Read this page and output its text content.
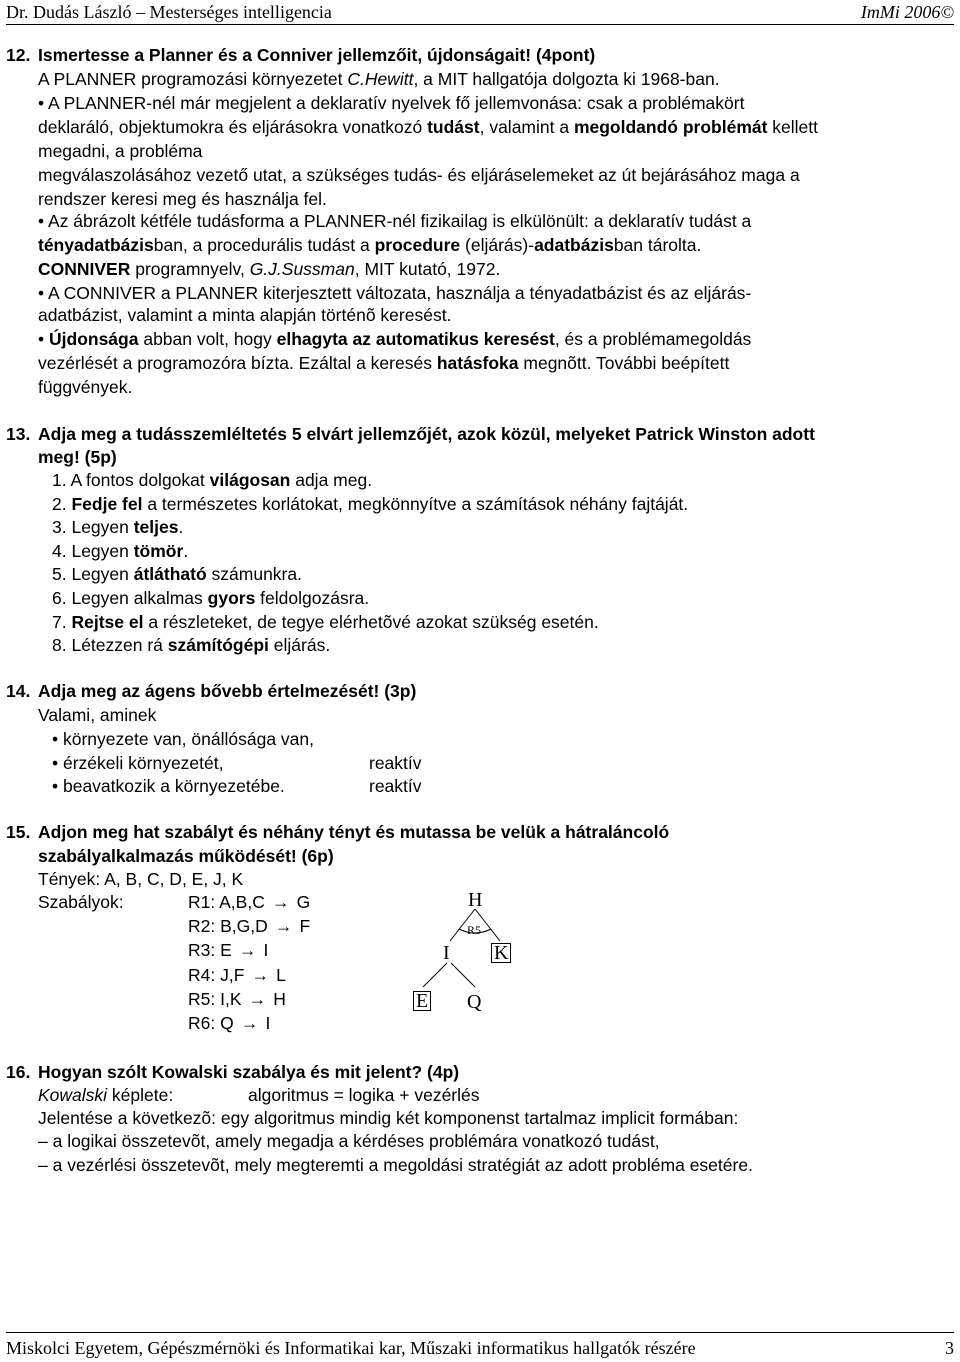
Dr. Dudás László – Mesterséges intelligencia	ImMi 2006©
12. Ismertesse a Planner és a Conniver jellemzőit, újdonságait! (4pont)
A PLANNER programozási környezetet C.Hewitt, a MIT hallgatója dolgozta ki 1968-ban.
• A PLANNER-nél már megjelent a deklaratív nyelvek fő jellemvonása: csak a problémakört
deklaráló, objektumokra és eljárásokra vonatkozó tudást, valamint a megoldandó problémát kellett
megadni, a probléma
megválaszolásához vezető utat, a szükséges tudás- és eljáráselemeket az út bejárásához maga a
rendszer keresi meg és használja fel.
• Az ábrázolt kétféle tudásforma a PLANNER-nél fizikailag is elkülönült: a deklaratív tudást a
tényadatbázisban, a procedurális tudást a procedure (eljárás)-adatbázisban tárolta.
CONNIVER programnyelv, G.J.Sussman, MIT kutató, 1972.
• A CONNIVER a PLANNER kiterjesztett változata, használja a tényadatbázist és az eljárás-
adatbázist, valamint a minta alapján történõ keresést.
• Újdonsága abban volt, hogy elhagyta az automatikus keresést, és a problémamegoldás
vezérlését a programozóra bízta. Ezáltal a keresés hatásfoka megnõtt. További beépített
függvények.
13. Adja meg a tudásszemléltetés 5 elvárt jellemzőjét, azok közül, melyeket Patrick Winston adott
meg! (5p)
1. A fontos dolgokat világosan adja meg.
2. Fedje fel a természetes korlátokat, megkönnyítve a számítások néhány fajtáját.
3. Legyen teljes.
4. Legyen tömör.
5. Legyen átlátható számunkra.
6. Legyen alkalmas gyors feldolgozásra.
7. Rejtse el a részleteket, de tegye elérhetõvé azokat szükség esetén.
8. Létezzen rá számítógépi eljárás.
14. Adja meg az ágens bővebb értelmezését! (3p)
Valami, aminek
• környezete van, önállósága van,
• érzékeli környezetét,	reaktív
• beavatkozik a környezetébe.	reaktív
15. Adjon meg hat szabályt és néhány tényt és mutassa be velük a hátraláncoló
szabályalkalmazás működését! (6p)
Tények: A, B, C, D, E, J, K
Szabályok:	R1: A,B,C → G
R2: B,G,D → F
R3: E → I
R4: J,F → L
R5: I,K → H
R6: Q → I
H
R5
I K
E Q
16. Hogyan szólt Kowalski szabálya és mit jelent? (4p)
Kowalski képlete:	algoritmus = logika + vezérlés
Jelentése a következõ: egy algoritmus mindig két komponenst tartalmaz implicit formában:
– a logikai összetevõt, amely megadja a kérdéses problémára vonatkozó tudást,
– a vezérlési összetevõt, mely megteremti a megoldási stratégiát az adott probléma esetére.
Miskolci Egyetem, Gépészmérnöki és Informatikai kar, Műszaki informatikus hallgatók részére	3
